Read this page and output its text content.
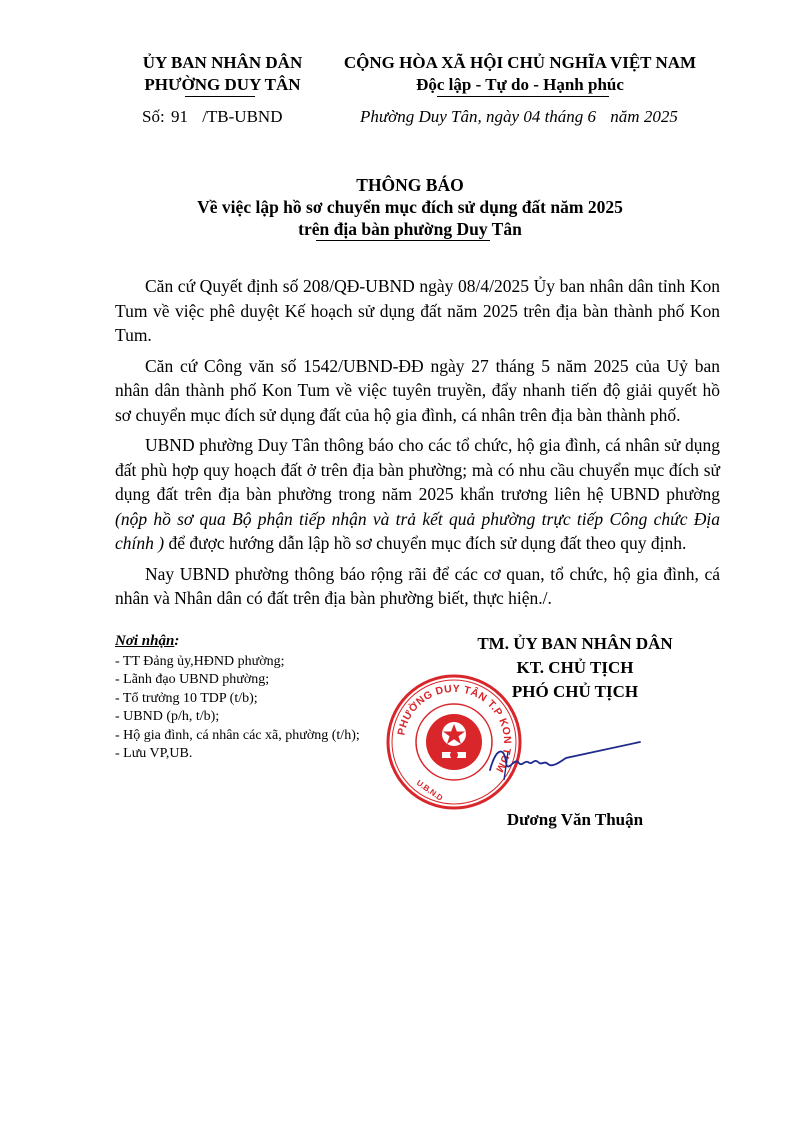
ỦY BAN NHÂN DÂN
PHƯỜNG DUY TÂN
CỘNG HÒA XÃ HỘI CHỦ NGHĨA VIỆT NAM
Độc lập - Tự do - Hạnh phúc
Số: 91 /TB-UBND	Phường Duy Tân, ngày 04 tháng 6 năm 2025
THÔNG BÁO
Về việc lập hồ sơ chuyển mục đích sử dụng đất năm 2025
trên địa bàn phường Duy Tân

Căn cứ Quyết định số 208/QĐ-UBND ngày 08/4/2025 Ủy ban nhân dân tỉnh Kon Tum về việc phê duyệt Kế hoạch sử dụng đất năm 2025 trên địa bàn thành phố Kon Tum.

Căn cứ Công văn số 1542/UBND-ĐĐ ngày 27 tháng 5 năm 2025 của Uỷ ban nhân dân thành phố Kon Tum về việc tuyên truyền, đẩy nhanh tiến độ giải quyết hồ sơ chuyển mục đích sử dụng đất của hộ gia đình, cá nhân trên địa bàn thành phố.

UBND phường Duy Tân thông báo cho các tổ chức, hộ gia đình, cá nhân sử dụng đất phù hợp quy hoạch đất ở trên địa bàn phường; mà có nhu cầu chuyển mục đích sử dụng đất trên địa bàn phường trong năm 2025 khẩn trương liên hệ UBND phường (nộp hồ sơ qua Bộ phận tiếp nhận và trả kết quả phường trực tiếp Công chức Địa chính ) để được hướng dẫn lập hồ sơ chuyển mục đích sử dụng đất theo quy định.

Nay UBND phường thông báo rộng rãi để các cơ quan, tổ chức, hộ gia đình, cá nhân và Nhân dân có đất trên địa bàn phường biết, thực hiện./.

Nơi nhận:
- TT Đảng ủy,HĐND phường;
- Lãnh đạo UBND phường;
- Tổ trưởng 10 TDP (t/b);
- UBND (p/h, t/b);
- Hộ gia đình, cá nhân các xã, phường (t/h);
- Lưu VP,UB.
PHƯỜNG DUY TÂN T.P KON TUM
U.B.N.D
TM. ỦY BAN NHÂN DÂN
KT. CHỦ TỊCH
PHÓ CHỦ TỊCH
Dương Văn Thuận
